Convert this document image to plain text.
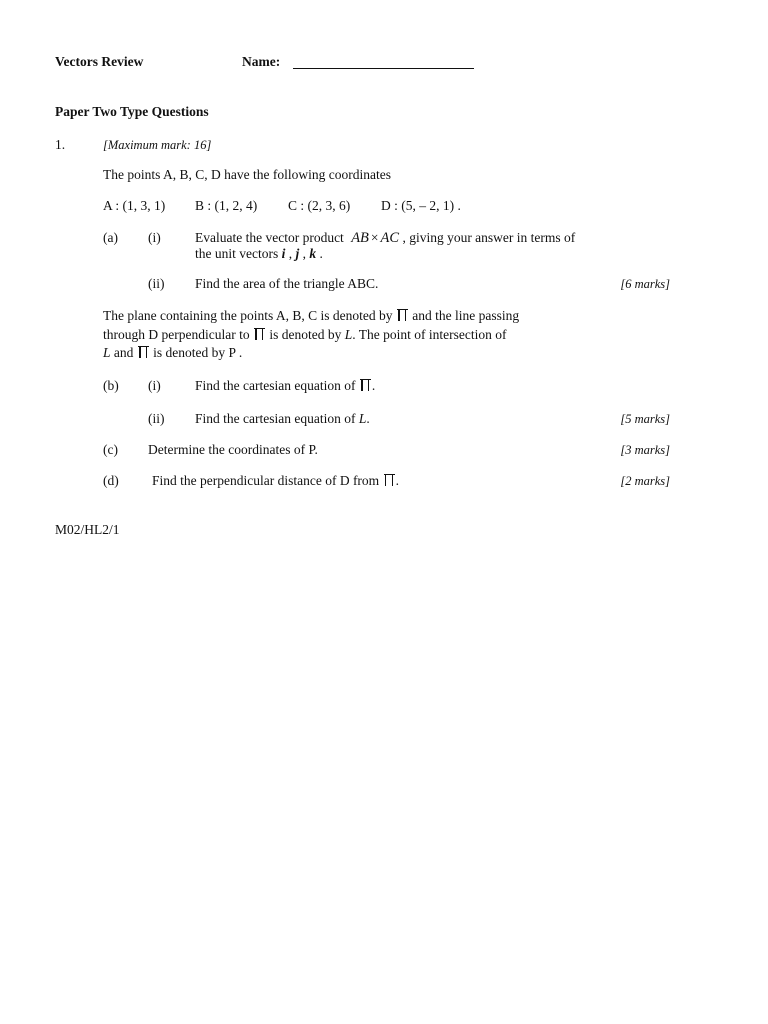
Vectors Review	Name:
Paper Two Type Questions
1.	[Maximum mark: 16]
The points A, B, C, D have the following coordinates
A : (1, 3, 1) B : (1, 2, 4) C : (2, 3, 6) D : (5, – 2, 1) .
(a) (i)	Evaluate the vector product AB × AC , giving your answer in terms of
the unit vectors i , j , k .
(ii) Find the area of the triangle ABC.	[6 marks]
The plane containing the points A, B, C is denoted by and the line passing
through D perpendicular to is denoted by L. The point of intersection of
L and is denoted by P .
(b) (i)	Find the cartesian equation of .
(ii) Find the cartesian equation of L.	[5 marks]
(c) Determine the coordinates of P.	[3 marks]
(d) Find the perpendicular distance of D from .	[2 marks]
M02/HL2/1
